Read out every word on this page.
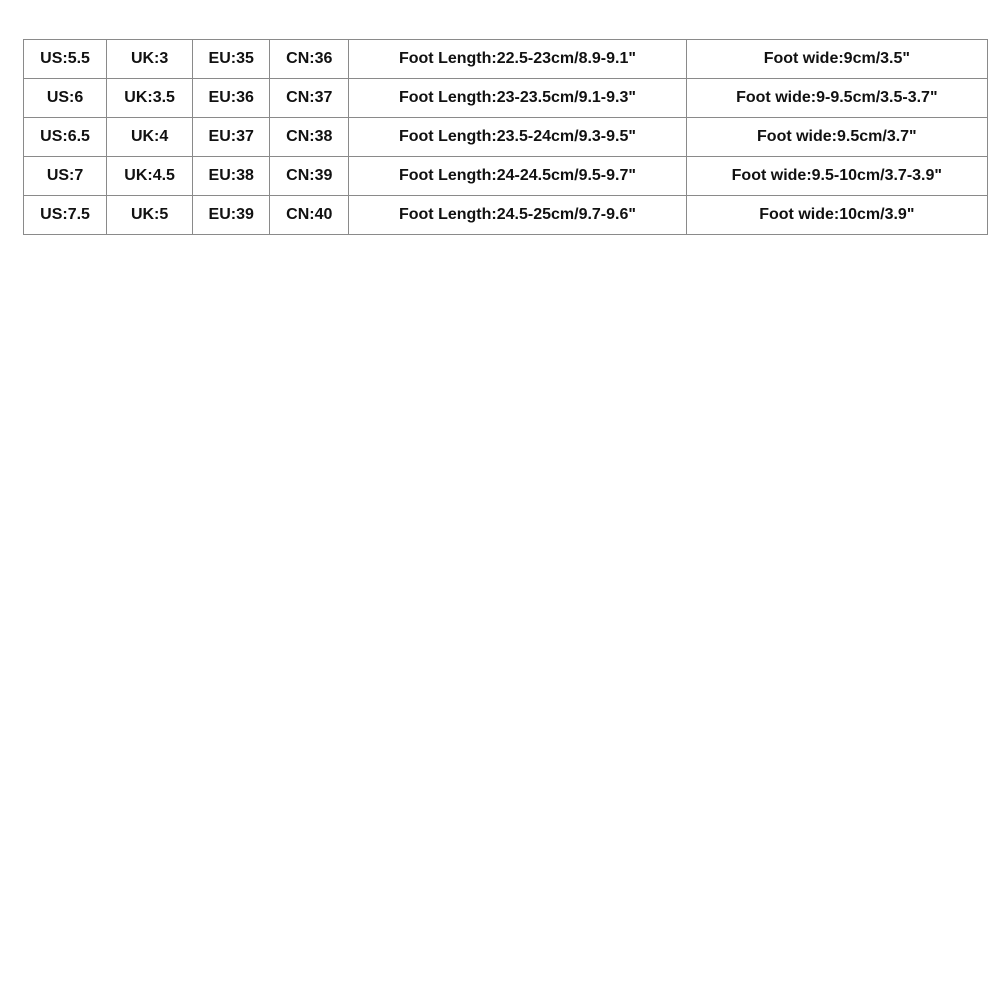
US:5.5	UK:3	EU:35	CN:36	Foot Length:22.5-23cm/8.9-9.1"	Foot wide:9cm/3.5"
US:6	UK:3.5	EU:36	CN:37	Foot Length:23-23.5cm/9.1-9.3"	Foot wide:9-9.5cm/3.5-3.7"
US:6.5	UK:4	EU:37	CN:38	Foot Length:23.5-24cm/9.3-9.5"	Foot wide:9.5cm/3.7"
US:7	UK:4.5	EU:38	CN:39	Foot Length:24-24.5cm/9.5-9.7"	Foot wide:9.5-10cm/3.7-3.9"
US:7.5	UK:5	EU:39	CN:40	Foot Length:24.5-25cm/9.7-9.6"	Foot wide:10cm/3.9"
